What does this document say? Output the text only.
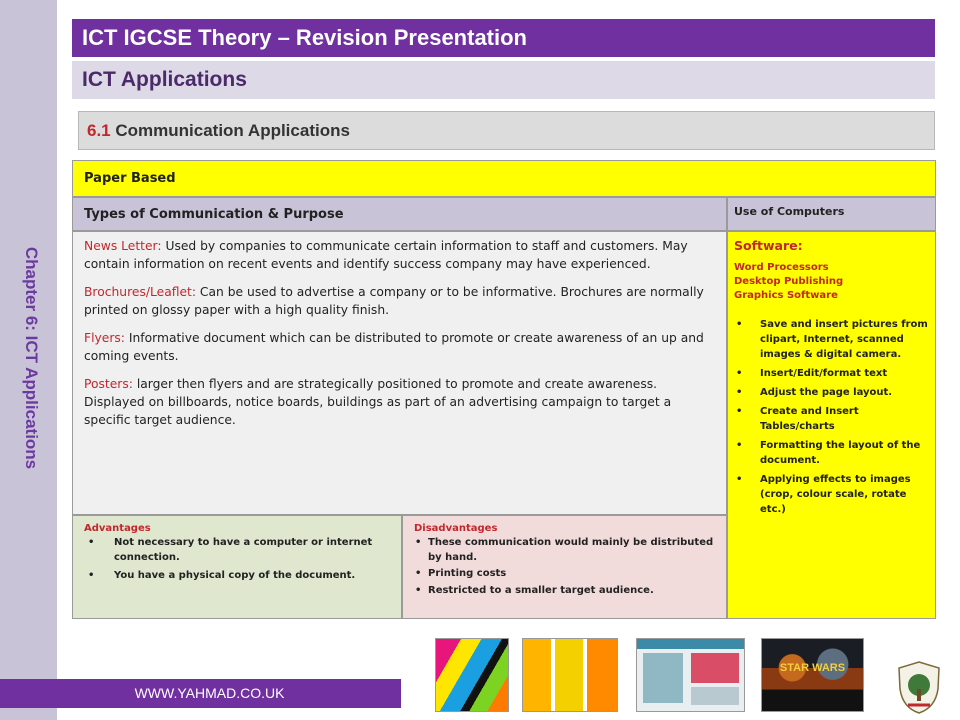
Chapter 6: ICT Applications
ICT IGCSE Theory – Revision Presentation
ICT Applications
6.1 Communication Applications
Paper Based
Types of Communication & Purpose	Use of Computers

News Letter: Used by companies to communicate certain information to staff and customers. May contain information on recent events and identify success company may have experienced.

Brochures/Leaflet: Can be used to advertise a company or to be informative. Brochures are normally printed on glossy paper with a high quality finish.

Flyers: Informative document which can be distributed to promote or create awareness of an up and coming events.

Posters: larger then flyers and are strategically positioned to promote and create awareness. Displayed on billboards, notice boards, buildings as part of an advertising campaign to target a specific target audience.

Software:
Word Processors
Desktop Publishing
Graphics Software
• Save and insert pictures from clipart, Internet, scanned images & digital camera.
• Insert/Edit/format text
• Adjust the page layout.
• Create and Insert Tables/charts
• Formatting the layout of the document.
• Applying effects to images (crop, colour scale, rotate etc.)
Advantages
• Not necessary to have a computer or internet connection.
• You have a physical copy of the document.
Disadvantages
• These communication would mainly be distributed by hand.
• Printing costs
• Restricted to a smaller target audience.
WWW.YAHMAD.CO.UK
STAR WARS
